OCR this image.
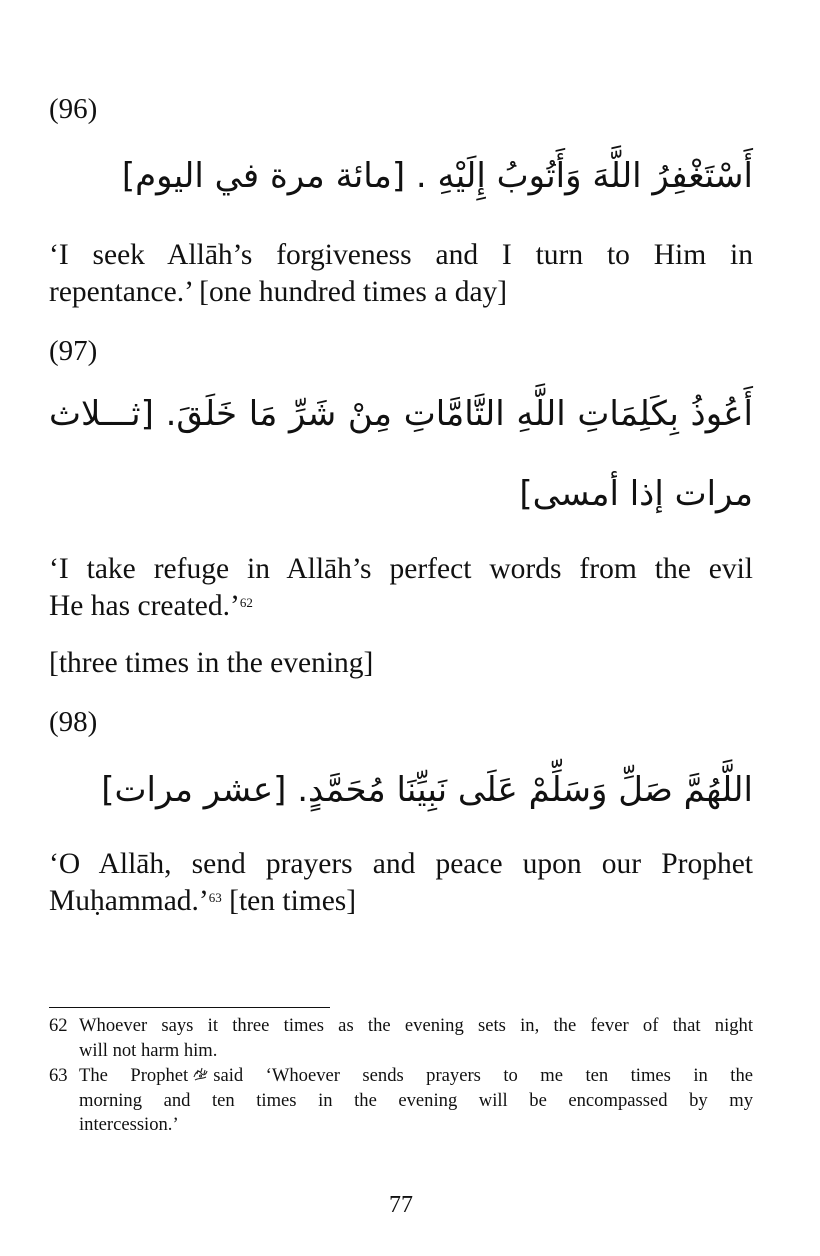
(96)
أَسْتَغْفِرُ اللَّهَ وَأَتُوبُ إِلَيْهِ . [مائة مرة في اليوم]
‘I seek Allāh’s forgiveness and I turn to Him in
repentance.’ [one hundred times a day]
(97)
أَعُوذُ بِكَلِمَاتِ اللَّهِ التَّامَّاتِ مِنْ شَرِّ مَا خَلَقَ. [ثـــلاث
مرات إذا أمسى]
‘I take refuge in Allāh’s perfect words from the evil
He has created.’$^{62}$
[three times in the evening]
(98)
اللَّهُمَّ صَلِّ وَسَلِّمْ عَلَى نَبِيِّنَا مُحَمَّدٍ. [عشر مرات]
‘O Allāh, send prayers and peace upon our Prophet
Muḥammad.’$^{63}$ [ten times]
62 Whoever says it three times as the evening sets in, the fever of that night
will not harm him.
63 The Prophet said ‘Whoever sends prayers to me ten times in the
morning and ten times in the evening will be encompassed by my
intercession.’
77
